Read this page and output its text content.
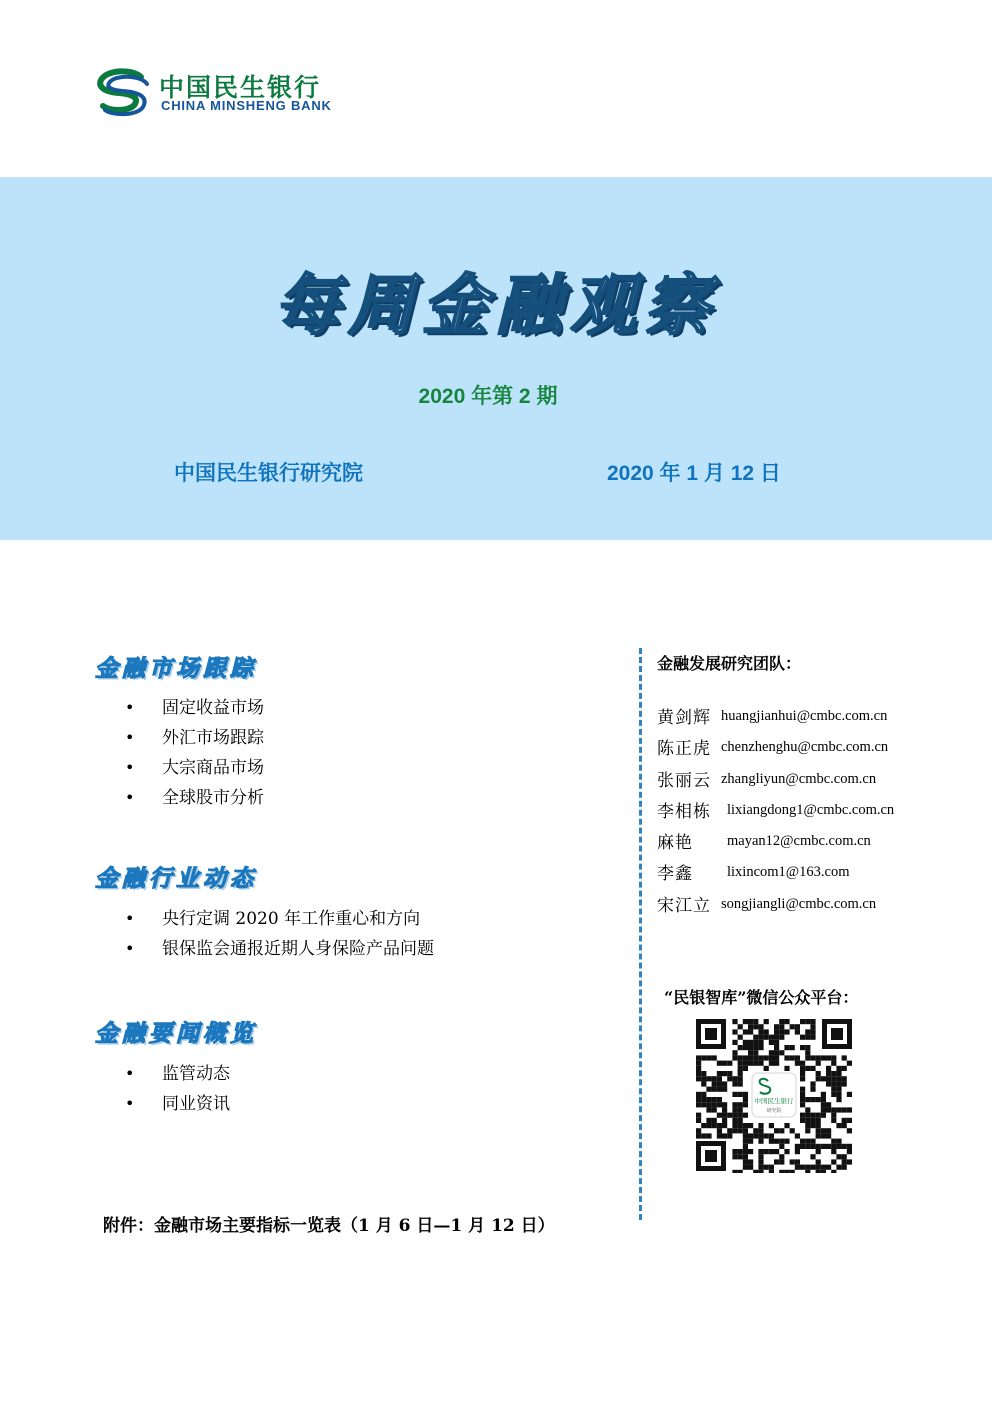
中国民生银行
CHINA MINSHENG BANK
每周金融观察
2020 年第 2 期
中国民生银行研究院	2020 年 1 月 12 日
金融市场跟踪
• 固定收益市场
• 外汇市场跟踪
• 大宗商品市场
• 全球股市分析
金融行业动态
• 央行定调 2020 年工作重心和方向
• 银保监会通报近期人身保险产品问题
金融要闻概览
• 监管动态
• 同业资讯
附件：金融市场主要指标一览表（1 月 6 日—1 月 12 日）
金融发展研究团队：
黄剑辉 huangjianhui@cmbc.com.cn
陈正虎 chenzhenghu@cmbc.com.cn
张丽云 zhangliyun@cmbc.com.cn
李相栋 lixiangdong1@cmbc.com.cn
麻艳 mayan12@cmbc.com.cn
李鑫 lixincom1@163.com
宋江立 songjiangli@cmbc.com.cn
“民银智库”微信公众平台：
中国民生银行
研究院
